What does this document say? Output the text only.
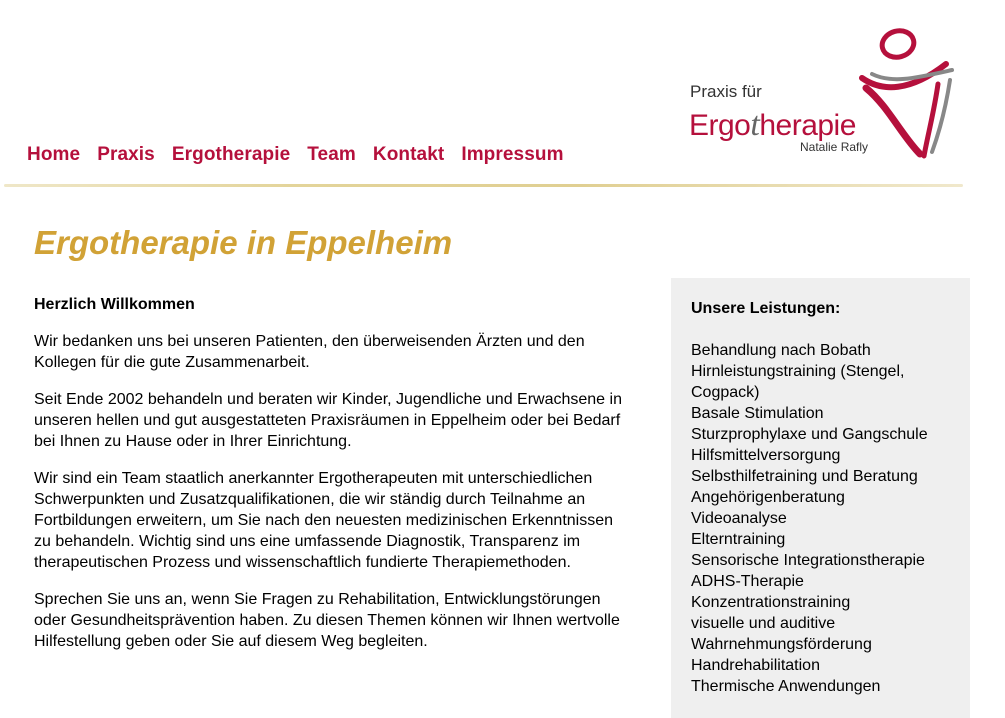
Praxis für
Ergotherapie
Natalie Rafly
Home Praxis Ergotherapie Team Kontakt Impressum
Ergotherapie in Eppelheim

Herzlich Willkommen

Wir bedanken uns bei unseren Patienten, den überweisenden Ärzten und den Kollegen für die gute Zusammenarbeit.

Seit Ende 2002 behandeln und beraten wir Kinder, Jugendliche und Erwachsene in unseren hellen und gut ausgestatteten Praxisräumen in Eppelheim oder bei Bedarf bei Ihnen zu Hause oder in Ihrer Einrichtung.

Wir sind ein Team staatlich anerkannter Ergotherapeuten mit unterschiedlichen Schwerpunkten und Zusatzqualifikationen, die wir ständig durch Teilnahme an Fortbildungen erweitern, um Sie nach den neuesten medizinischen Erkenntnissen zu behandeln. Wichtig sind uns eine umfassende Diagnostik, Transparenz im therapeutischen Prozess und wissenschaftlich fundierte Therapiemethoden.

Sprechen Sie uns an, wenn Sie Fragen zu Rehabilitation, Entwicklungstörungen oder Gesundheitsprävention haben. Zu diesen Themen können wir Ihnen wertvolle Hilfestellung geben oder Sie auf diesem Weg begleiten.

Unsere Leistungen:
Behandlung nach Bobath
Hirnleistungstraining (Stengel, Cogpack)
Basale Stimulation
Sturzprophylaxe und Gangschule
Hilfsmittelversorgung
Selbsthilfetraining und Beratung
Angehörigenberatung
Videoanalyse
Elterntraining
Sensorische Integrationstherapie
ADHS-Therapie
Konzentrationstraining
visuelle und auditive
Wahrnehmungsförderung
Handrehabilitation
Thermische Anwendungen
